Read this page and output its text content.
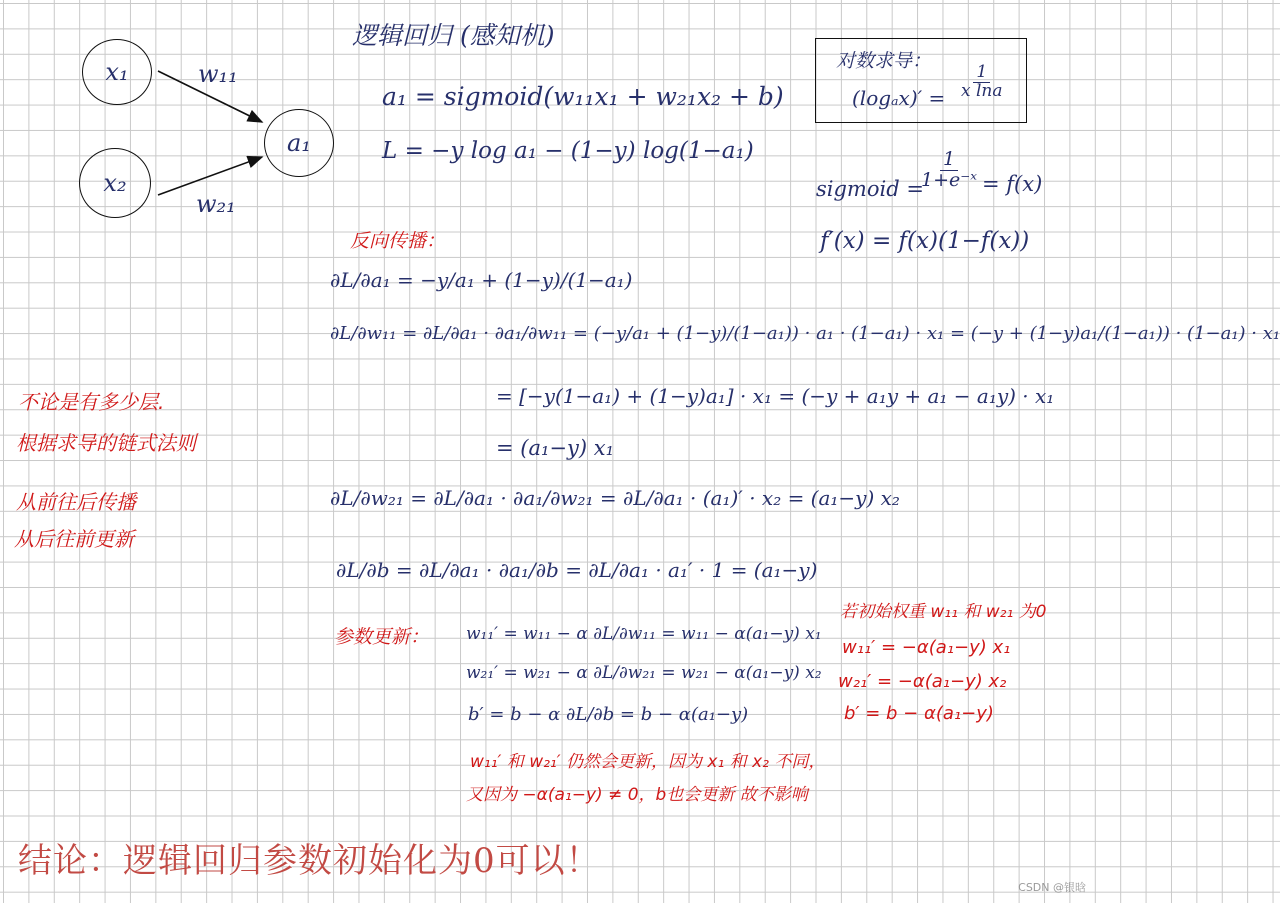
x₁
x₂
a₁
w₁₁
w₂₁
逻辑回归 (感知机)
a₁ = sigmoid(w₁₁x₁ + w₂₁x₂ + b)
L = −y log a₁ − (1−y) log(1−a₁)
对数求导：
$(\log_ax)' = \frac{1}{\text{x lna}}$
sigmoid =
$\frac{1}{\text{1+e⁻ˣ}} = f(x)$
f′(x) = f(x)(1−f(x))
反向传播：
∂L/∂a₁ = −y/a₁ + (1−y)/(1−a₁)
∂L/∂w₁₁ = ∂L/∂a₁ · ∂a₁/∂w₁₁ = (−y/a₁ + (1−y)/(1−a₁)) · a₁ · (1−a₁) · x₁ = (−y + (1−y)a₁/(1−a₁)) · (1−a₁) · x₁
= [−y(1−a₁) + (1−y)a₁] · x₁ = (−y + a₁y + a₁ − a₁y) · x₁
= (a₁−y) x₁
∂L/∂w₂₁ = ∂L/∂a₁ · ∂a₁/∂w₂₁ = ∂L/∂a₁ · (a₁)′ · x₂ = (a₁−y) x₂
∂L/∂b = ∂L/∂a₁ · ∂a₁/∂b = ∂L/∂a₁ · a₁′ · 1 = (a₁−y)
不论是有多少层.
根据求导的链式法则
从前往后传播
从后往前更新
参数更新： w₁₁′ = w₁₁ − α ∂L/∂w₁₁ = w₁₁ − α(a₁−y) x₁
w₂₁′ = w₂₁ − α ∂L/∂w₂₁ = w₂₁ − α(a₁−y) x₂
b′ = b − α ∂L/∂b = b − α(a₁−y)
若初始权重 w₁₁ 和 w₂₁ 为0
w₁₁′ = −α(a₁−y) x₁
w₂₁′ = −α(a₁−y) x₂
b′ = b − α(a₁−y)
w₁₁′ 和 w₂₁′ 仍然会更新，因为 x₁ 和 x₂ 不同，
又因为 −α(a₁−y) ≠ 0，b也会更新 故不影响
结论：逻辑回归参数初始化为0可以！
CSDN @银晗
